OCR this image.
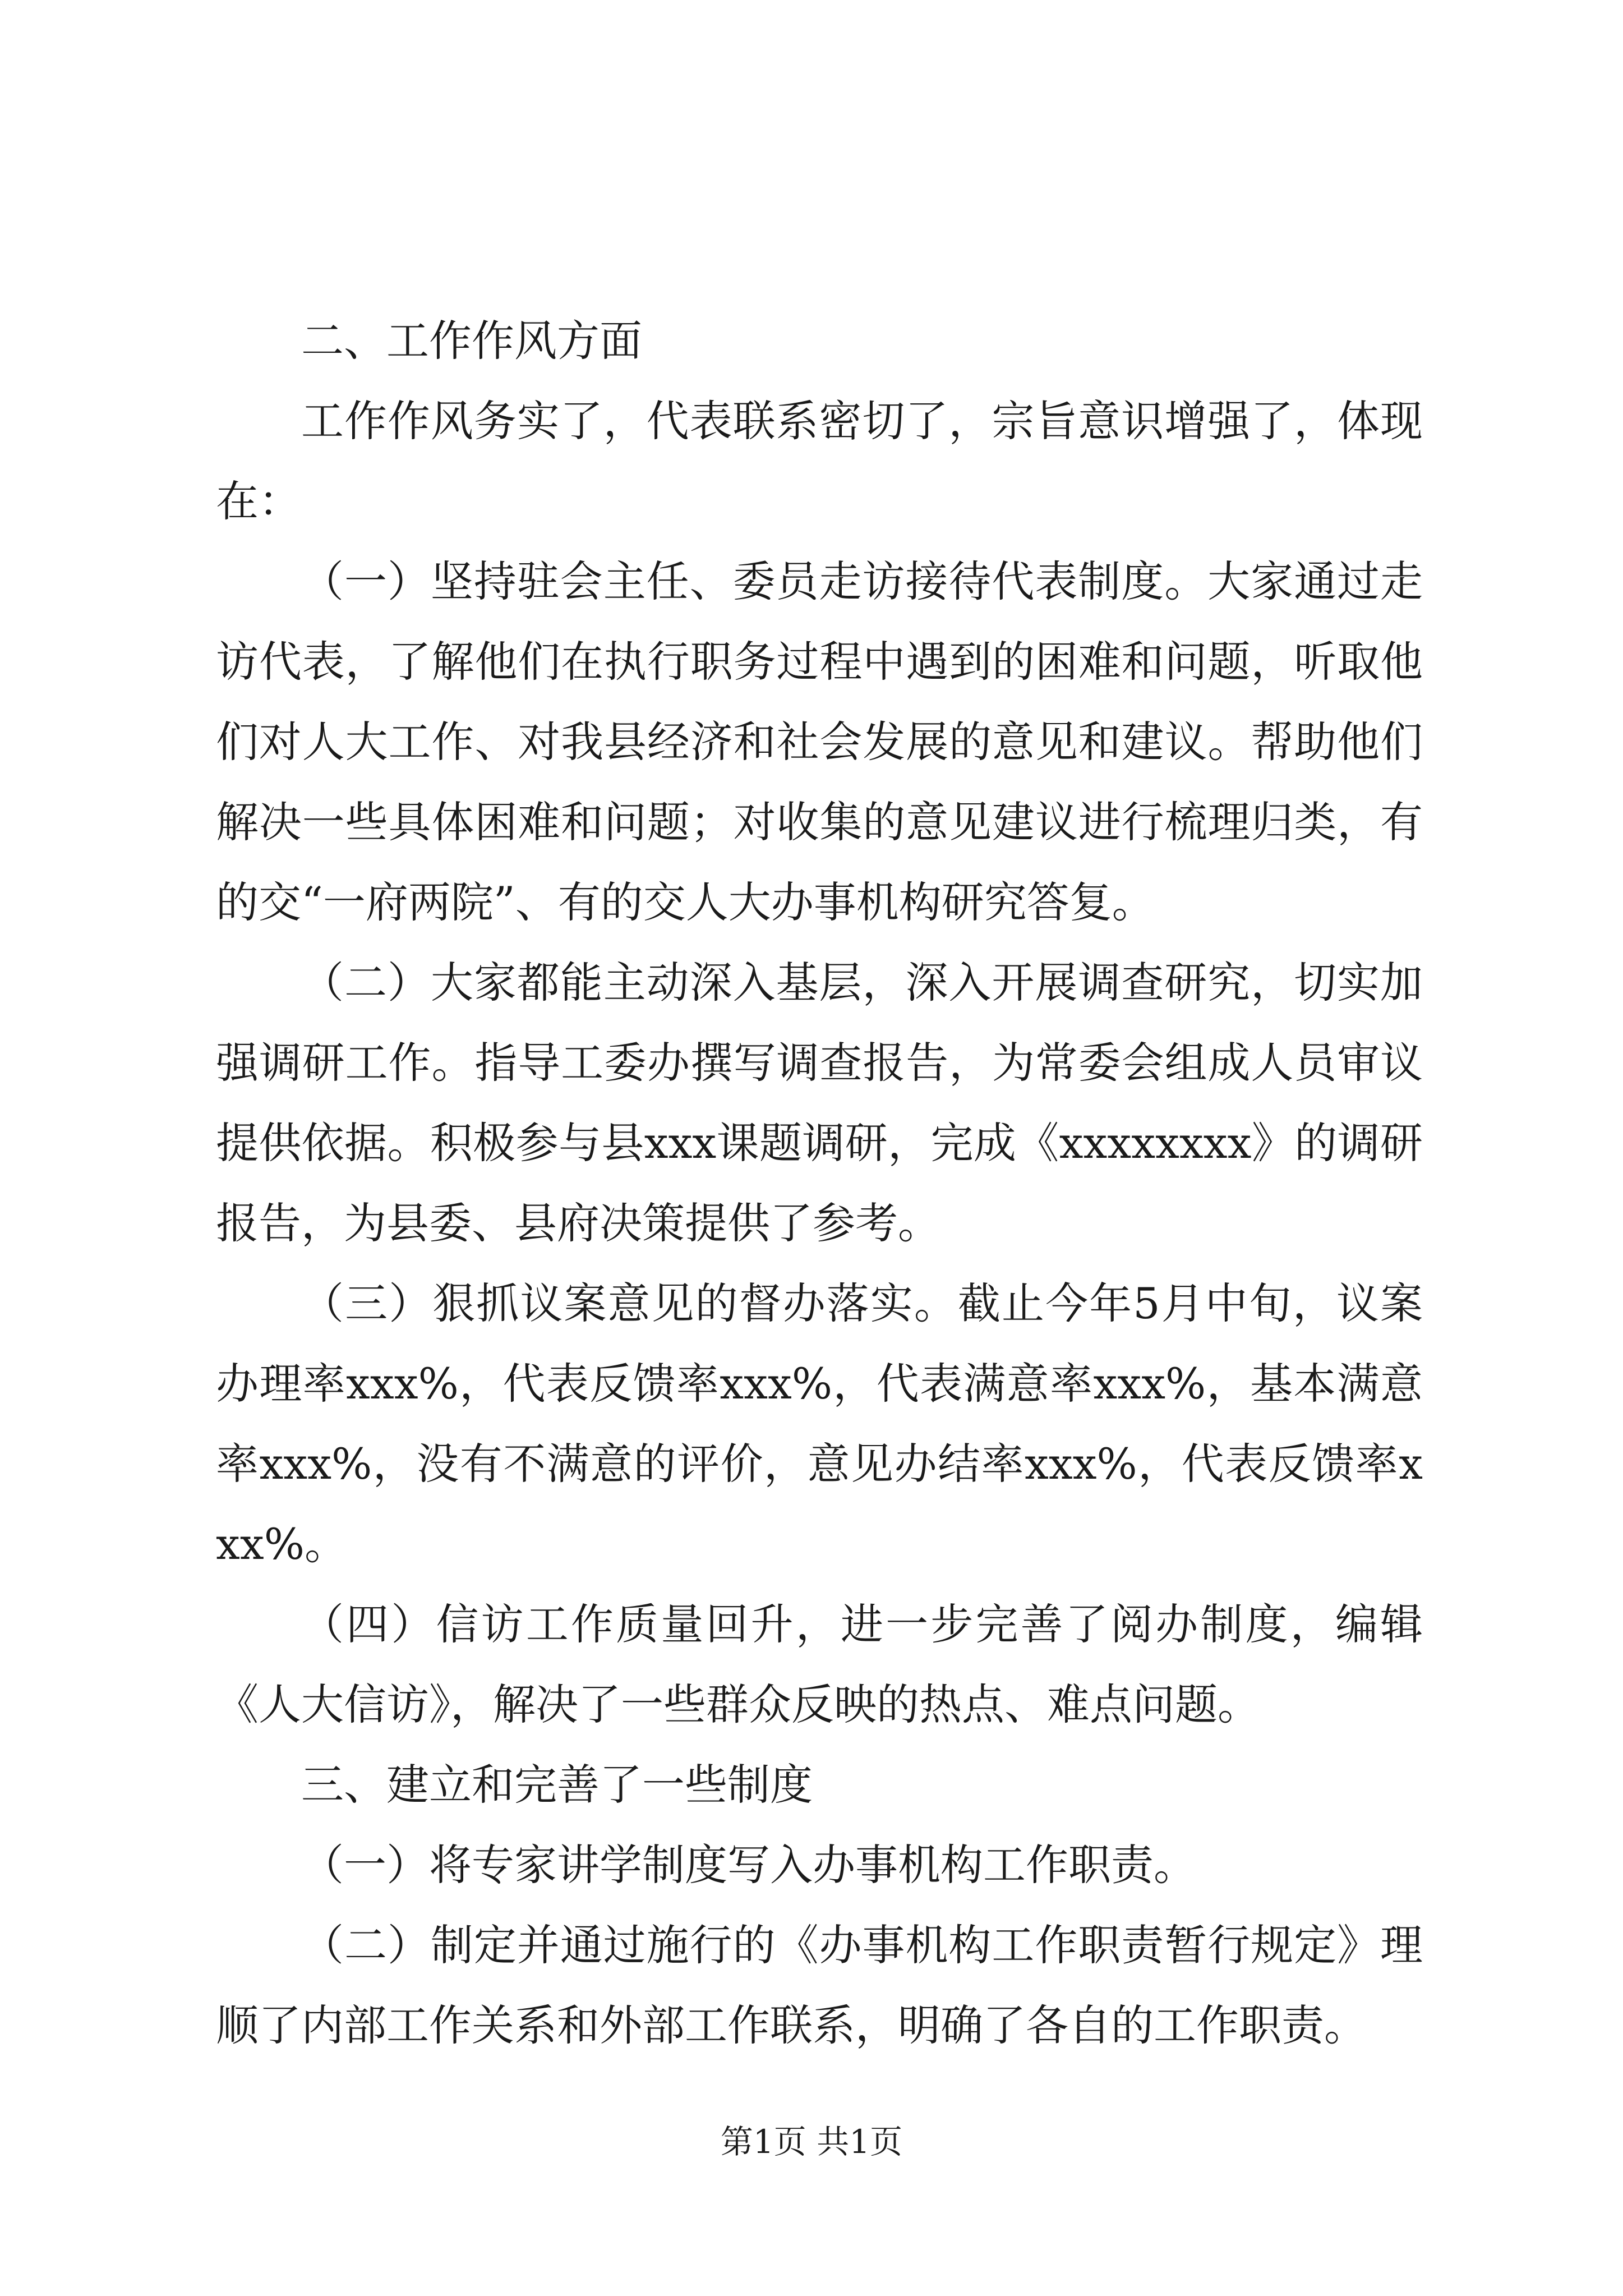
二、工作作风方面

工作作风务实了，代表联系密切了，宗旨意识增强了，体现在：

（一）坚持驻会主任、委员走访接待代表制度。大家通过走访代表，了解他们在执行职务过程中遇到的困难和问题，听取他们对人大工作、对我县经济和社会发展的意见和建议。帮助他们解决一些具体困难和问题；对收集的意见建议进行梳理归类，有的交“一府两院”、有的交人大办事机构研究答复。

（二）大家都能主动深入基层，深入开展调查研究，切实加强调研工作。指导工委办撰写调查报告，为常委会组成人员审议提供依据。积极参与县xxx课题调研，完成《xxxxxxxx》的调研报告，为县委、县府决策提供了参考。

（三）狠抓议案意见的督办落实。截止今年5月中旬，议案办理率xxx%，代表反馈率xxx%，代表满意率xxx%，基本满意率xxx%，没有不满意的评价，意见办结率xxx%，代表反馈率xxx%。

（四）信访工作质量回升，进一步完善了阅办制度，编辑《人大信访》，解决了一些群众反映的热点、难点问题。

三、建立和完善了一些制度

（一）将专家讲学制度写入办事机构工作职责。

（二）制定并通过施行的《办事机构工作职责暂行规定》理顺了内部工作关系和外部工作联系，明确了各自的工作职责。

第1页 共1页
